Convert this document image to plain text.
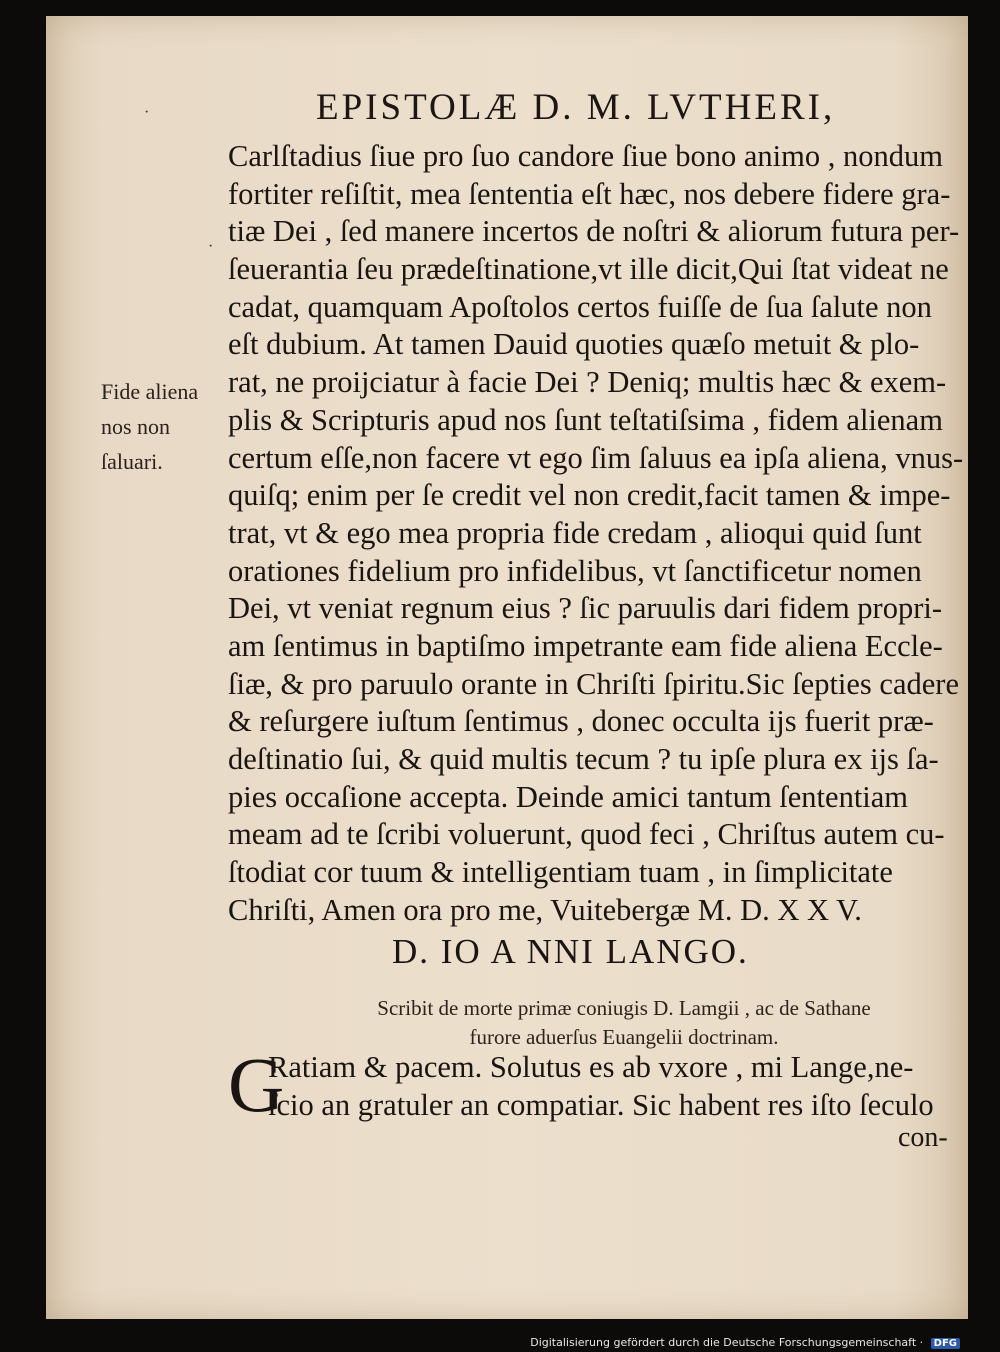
·
·
EPISTOLÆ D. M. LVTHERI,
Carlſtadius ſiue pro ſuo candore ſiue bono animo , nondum
fortiter reſiſtit, mea ſententia eſt hæc, nos debere fidere gra-
tiæ Dei , ſed manere incertos de noſtri & aliorum futura per-
ſeuerantia ſeu prædeſtinatione,vt ille dicit,Qui ſtat videat ne
cadat, quamquam Apoſtolos certos fuiſſe de ſua ſalute non
eſt dubium. At tamen Dauid quoties quæſo metuit & plo-
rat, ne proijciatur à facie Dei ? Deniq; multis hæc & exem-
plis & Scripturis apud nos ſunt teſtatiſsima , fidem alienam
certum eſſe,non facere vt ego ſim ſaluus ea ipſa aliena, vnus-
quiſq; enim per ſe credit vel non credit,facit tamen & impe-
trat, vt & ego mea propria fide credam , alioqui quid ſunt
orationes fidelium pro infidelibus, vt ſanctificetur nomen
Dei, vt veniat regnum eius ? ſic paruulis dari fidem propri-
am ſentimus in baptiſmo impetrante eam fide aliena Eccle-
ſiæ, & pro paruulo orante in Chriſti ſpiritu.Sic ſepties cadere
& reſurgere iuſtum ſentimus , donec occulta ijs fuerit præ-
deſtinatio ſui, & quid multis tecum ? tu ipſe plura ex ijs ſa-
pies occaſione accepta. Deinde amici tantum ſententiam
meam ad te ſcribi voluerunt, quod feci , Chriſtus autem cu-
ſtodiat cor tuum & intelligentiam tuam , in ſimplicitate
Chriſti, Amen ora pro me, Vuitebergæ M. D. X X V.
Fide aliena
nos non
ſaluari.
D. IO A NNI LANGO.
Scribit de morte primæ coniugis D. Lamgii , ac de Sathane
furore aduerſus Euangelii doctrinam.
G
Ratiam & pacem. Solutus es ab vxore , mi Lange,ne-
ſcio an gratuler an compatiar. Sic habent res iſto ſeculo
con-
Digitalisierung gefördert durch die Deutsche Forschungsgemeinschaft · DFG
